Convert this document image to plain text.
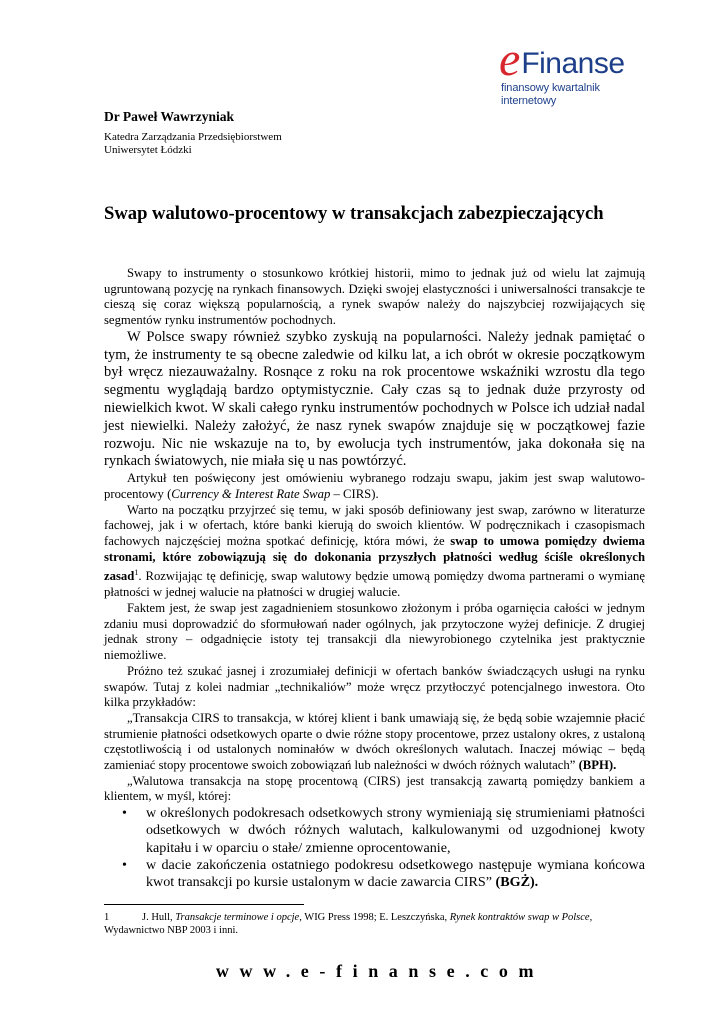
e Finanse
finansowy kwartalnik internetowy
Dr Paweł Wawrzyniak
Katedra Zarządzania Przedsiębiorstwem
Uniwersytet Łódzki
Swap walutowo-procentowy w transakcjach zabezpieczających

Swapy to instrumenty o stosunkowo krótkiej historii, mimo to jednak już od wielu lat zajmują ugruntowaną pozycję na rynkach finansowych. Dzięki swojej elastyczności i uniwersalności transakcje te cieszą się coraz większą popularnością, a rynek swapów należy do najszybciej rozwijających się segmentów rynku instrumentów pochodnych.

W Polsce swapy również szybko zyskują na popularności. Należy jednak pamiętać o tym, że instrumenty te są obecne zaledwie od kilku lat, a ich obrót w okresie początkowym był wręcz niezauważalny. Rosnące z roku na rok procentowe wskaźniki wzrostu dla tego segmentu wyglądają bardzo optymistycznie. Cały czas są to jednak duże przyrosty od niewielkich kwot. W skali całego rynku instrumentów pochodnych w Polsce ich udział nadal jest niewielki. Należy założyć, że nasz rynek swapów znajduje się w początkowej fazie rozwoju. Nic nie wskazuje na to, by ewolucja tych instrumentów, jaka dokonała się na rynkach światowych, nie miała się u nas powtórzyć.

Artykuł ten poświęcony jest omówieniu wybranego rodzaju swapu, jakim jest swap walutowo-procentowy (Currency & Interest Rate Swap – CIRS).

Warto na początku przyjrzeć się temu, w jaki sposób definiowany jest swap, zarówno w literaturze fachowej, jak i w ofertach, które banki kierują do swoich klientów. W podręcznikach i czasopismach fachowych najczęściej można spotkać definicję, która mówi, że swap to umowa pomiędzy dwiema stronami, które zobowiązują się do dokonania przyszłych płatności według ściśle określonych zasad$^1$. Rozwijając tę definicję, swap walutowy będzie umową pomiędzy dwoma partnerami o wymianę płatności w jednej walucie na płatności w drugiej walucie.

Faktem jest, że swap jest zagadnieniem stosunkowo złożonym i próba ogarnięcia całości w jednym zdaniu musi doprowadzić do sformułowań nader ogólnych, jak przytoczone wyżej definicje. Z drugiej jednak strony – odgadnięcie istoty tej transakcji dla niewyrobionego czytelnika jest praktycznie niemożliwe.

Próżno też szukać jasnej i zrozumiałej definicji w ofertach banków świadczących usługi na rynku swapów. Tutaj z kolei nadmiar „technikaliów” może wręcz przytłoczyć potencjalnego inwestora. Oto kilka przykładów:

„Transakcja CIRS to transakcja, w której klient i bank umawiają się, że będą sobie wzajemnie płacić strumienie płatności odsetkowych oparte o dwie różne stopy procentowe, przez ustalony okres, z ustaloną częstotliwością i od ustalonych nominałów w dwóch określonych walutach. Inaczej mówiąc – będą zamieniać stopy procentowe swoich zobowiązań lub należności w dwóch różnych walutach” (BPH).

„Walutowa transakcja na stopę procentową (CIRS) jest transakcją zawartą pomiędzy bankiem a klientem, w myśl, której:

• w określonych podokresach odsetkowych strony wymieniają się strumieniami płatności odsetkowych w dwóch różnych walutach, kalkulowanymi od uzgodnionej kwoty kapitału i w oparciu o stałe/ zmienne oprocentowanie,
• w dacie zakończenia ostatniego podokresu odsetkowego następuje wymiana końcowa kwot transakcji po kursie ustalonym w dacie zawarcia CIRS” (BGŻ).
1	J. Hull, Transakcje terminowe i opcje, WIG Press 1998; E. Leszczyńska, Rynek kontraktów swap w Polsce, Wydawnictwo NBP 2003 i inni.
www.e-finanse.com
